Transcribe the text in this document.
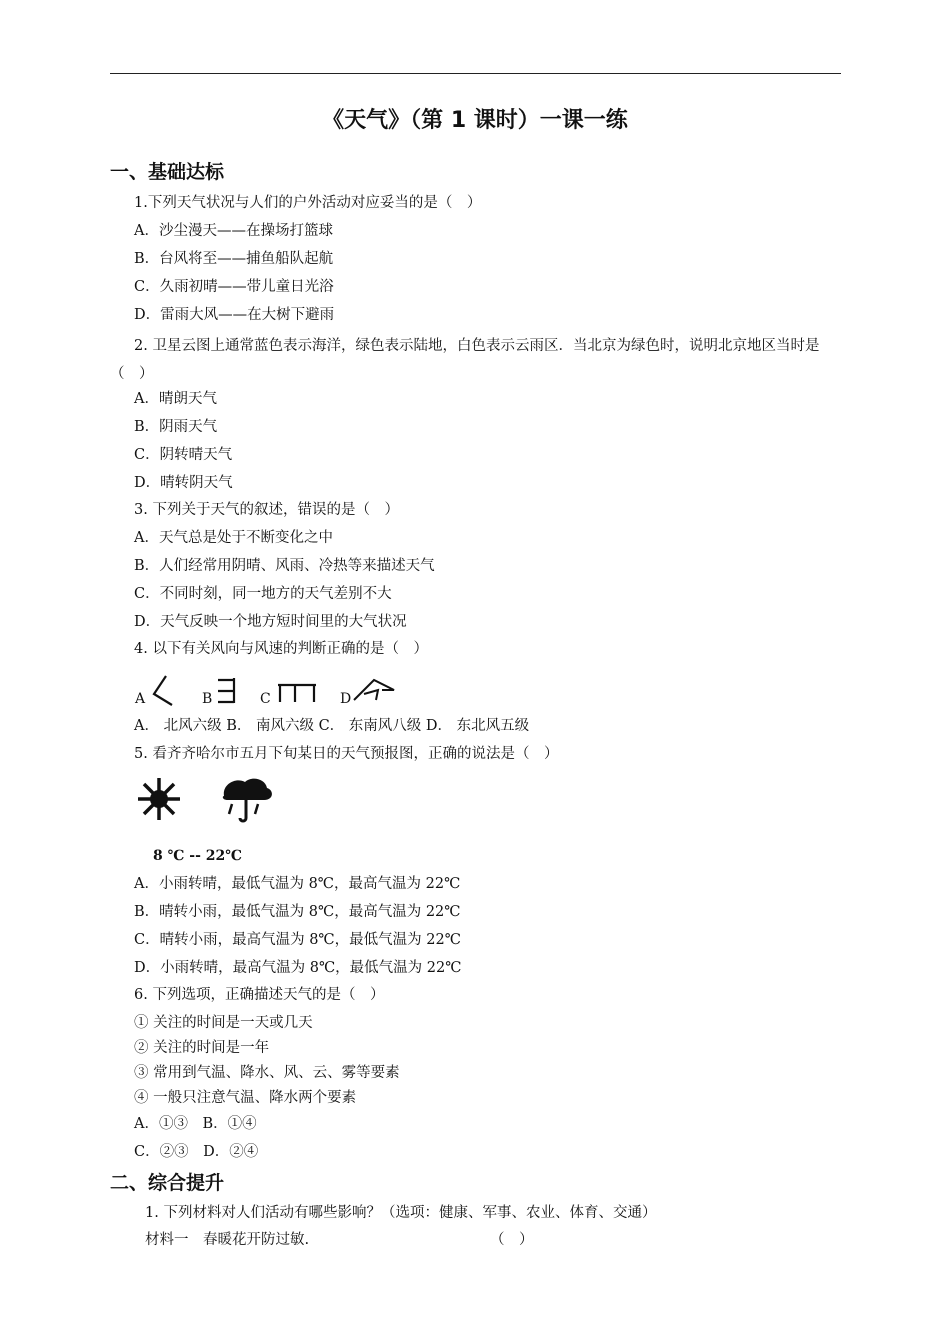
《天气》（第 1 课时）一课一练
一、基础达标
1.下列天气状况与人们的户外活动对应妥当的是（　）
A．沙尘漫天——在操场打篮球
B．台风将至——捕鱼船队起航
C．久雨初晴——带儿童日光浴
D．雷雨大风——在大树下避雨
2. 卫星云图上通常蓝色表示海洋，绿色表示陆地，白色表示云雨区．当北京为绿色时，说明北京地区当时是（　）
A．晴朗天气
B．阴雨天气
C．阴转晴天气
D．晴转阴天气
3. 下列关于天气的叙述，错误的是（　）
A．天气总是处于不断变化之中
B．人们经常用阴晴、风雨、冷热等来描述天气
C．不同时刻，同一地方的天气差别不大
D．天气反映一个地方短时间里的大气状况
4. 以下有关风向与风速的判断正确的是（　）
A	B	C	D
A． 北风六级 B． 南风六级 C． 东南风八级 D． 东北风五级
5. 看齐齐哈尔市五月下旬某日的天气预报图，正确的说法是（　）
8 ℃ -- 22℃
A．小雨转晴，最低气温为 8℃，最高气温为 22℃
B．晴转小雨，最低气温为 8℃，最高气温为 22℃
C．晴转小雨，最高气温为 8℃，最低气温为 22℃
D．小雨转晴，最高气温为 8℃，最低气温为 22℃
6. 下列选项，正确描述天气的是（　）
① 关注的时间是一天或几天
② 关注的时间是一年
③ 常用到气温、降水、风、云、雾等要素
④ 一般只注意气温、降水两个要素
A．①③　B．①④
C．②③　D．②④
二、综合提升
1. 下列材料对人们活动有哪些影响？（选项：健康、军事、农业、体育、交通）
材料一　春暖花开防过敏.	（　）
